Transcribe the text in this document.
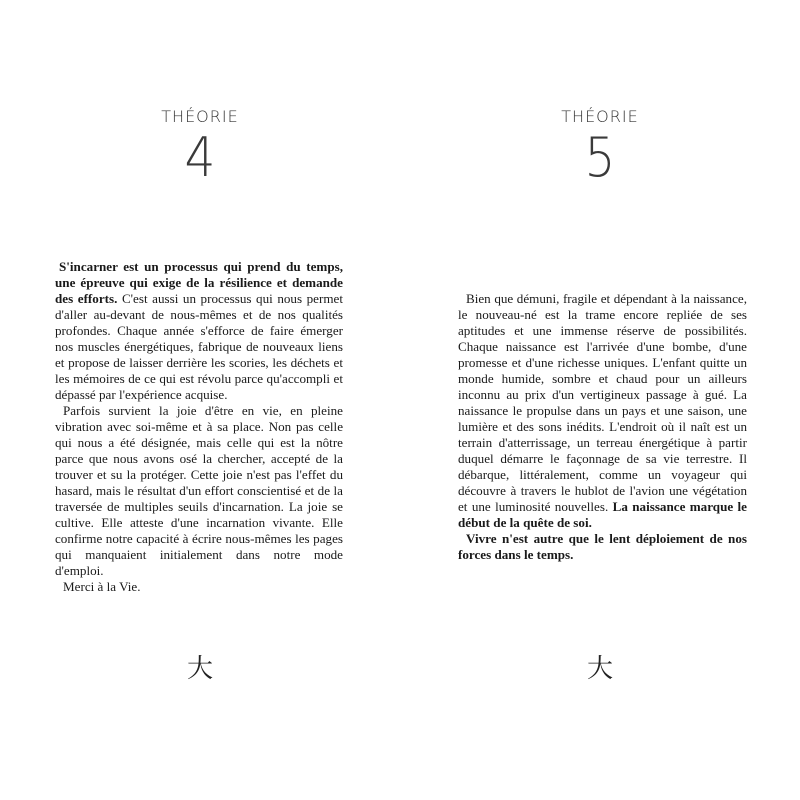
THÉORIE
4

S'incarner est un processus qui prend du temps, une épreuve qui exige de la résilience et demande des efforts. C'est aussi un processus qui nous permet d'aller au-devant de nous-mêmes et de nos qualités profondes. Chaque année s'efforce de faire émerger nos muscles énergétiques, fabrique de nouveaux liens et propose de laisser derrière les scories, les déchets et les mémoires de ce qui est révolu parce qu'accompli et dépassé par l'expérience acquise.

Parfois survient la joie d'être en vie, en pleine vibration avec soi-même et à sa place. Non pas celle qui nous a été désignée, mais celle qui est la nôtre parce que nous avons osé la chercher, accepté de la trouver et su la protéger. Cette joie n'est pas l'effet du hasard, mais le résultat d'un effort conscientisé et de la traversée de multiples seuils d'incarnation. La joie se cultive. Elle atteste d'une incarnation vivante. Elle confirme notre capacité à écrire nous-mêmes les pages qui manquaient initialement dans notre mode d'emploi.

Merci à la Vie.

大
THÉORIE
5

Bien que démuni, fragile et dépendant à la naissance, le nouveau-né est la trame encore repliée de ses aptitudes et une immense réserve de possibilités. Chaque naissance est l'arrivée d'une bombe, d'une promesse et d'une richesse uniques. L'enfant quitte un monde humide, sombre et chaud pour un ailleurs inconnu au prix d'un vertigineux passage à gué. La naissance le propulse dans un pays et une saison, une lumière et des sons inédits. L'endroit où il naît est un terrain d'atterrissage, un terreau énergétique à partir duquel démarre le façonnage de sa vie terrestre. Il débarque, littéralement, comme un voyageur qui découvre à travers le hublot de l'avion une végétation et une luminosité nouvelles. La naissance marque le début de la quête de soi.

Vivre n'est autre que le lent déploiement de nos forces dans le temps.

大
